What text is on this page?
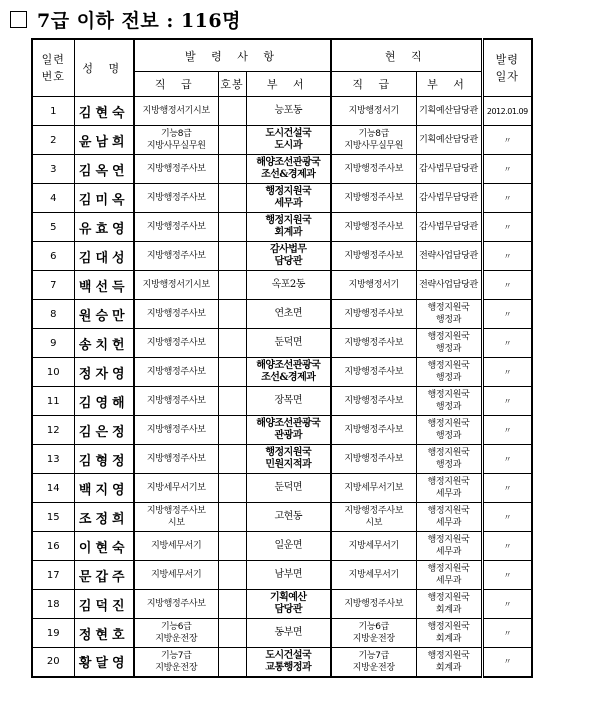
7급 이하 전보 : 116명
일련
번호	성 명	발 령 사 항			현 직		발령
일자
		직 급	호봉	부 서	직 급	부 서	
1	김현숙	지방행정서기시보		능포동	지방행정서기	기획예산담당관	2012.01.09
2	윤남희	기능8급
지방사무실무원		도시건설국
도시과	기능8급
지방사무실무원	기획예산담당관	〃
3	김옥연	지방행정주사보		해양조선관광국
조선&경제과	지방행정주사보	감사법무담당관	〃
4	김미옥	지방행정주사보		행정지원국
세무과	지방행정주사보	감사법무담당관	〃
5	유효영	지방행정주사보		행정지원국
회계과	지방행정주사보	감사법무담당관	〃
6	김대성	지방행정주사보		감사법무
담당관	지방행정주사보	전략사업담당관	〃
7	백선득	지방행정서기시보		옥포2동	지방행정서기	전략사업담당관	〃
8	원승만	지방행정주사보		연초면	지방행정주사보	행정지원국
행정과	〃
9	송치헌	지방행정주사보		둔덕면	지방행정주사보	행정지원국
행정과	〃
10	정자영	지방행정주사보		해양조선관광국
조선&경제과	지방행정주사보	행정지원국
행정과	〃
11	김영해	지방행정주사보		장목면	지방행정주사보	행정지원국
행정과	〃
12	김은정	지방행정주사보		해양조선관광국
관광과	지방행정주사보	행정지원국
행정과	〃
13	김형정	지방행정주사보		행정지원국
민원지적과	지방행정주사보	행정지원국
행정과	〃
14	백지영	지방세무서기보		둔덕면	지방세무서기보	행정지원국
세무과	〃
15	조정희	지방행정주사보
시보		고현동	지방행정주사보
시보	행정지원국
세무과	〃
16	이현숙	지방세무서기		일운면	지방세무서기	행정지원국
세무과	〃
17	문갑주	지방세무서기		남부면	지방세무서기	행정지원국
세무과	〃
18	김덕진	지방행정주사보		기획예산
담당관	지방행정주사보	행정지원국
회계과	〃
19	정현호	기능6급
지방운전장		동부면	기능6급
지방운전장	행정지원국
회계과	〃
20	황달영	기능7급
지방운전장		도시건설국
교통행정과	기능7급
지방운전장	행정지원국
회계과	〃
